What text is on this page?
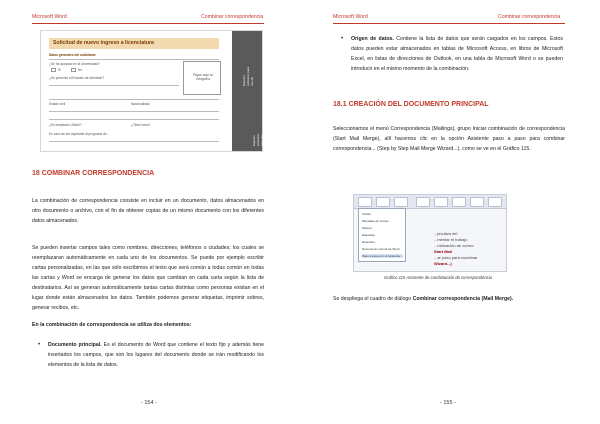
Microsoft Word	Combinar correspondencia
Solicitud de nuevo ingreso a licenciatura
Datos generales del solicitante
¿Se ha apoyado en la Universidad?
Sí	No
¿Se presentó al Examen de Admisión?
Pegue aquí su fotografía
Estado civil	Nacionalidad
¿Es empleado UNAM?	¿Tiene beca?
En caso de ser aspirante al programa de...
Espacio exclusivo para uso de
Espacio exclusivo para uso de
18 COMBINAR CORRESPONDENCIA
La combinación de correspondencia consiste en incluir en un documento, datos almacenados en otro documento o archivo, con el fin de obtener copias de un mismo documento con los diferentes datos almacenados.
Se pueden insertar campos tales como nombres, direcciones, teléfonos o ciudades; los cuales se reemplazaran automáticamente en cada uno de los documentos. Se puede por ejemplo escribir cartas personalizadas, en las que sólo escribimos el texto que será común a todas común en todas las cartas y Word se encarga de generar los datos que cambian en cada carta según la lista de destinatarios. Así se generan automáticamente tantas cartas distintas como personas existan en el lugar donde están almacenados los datos. También podemos generar etiquetas, imprimir sobres, generar recibos, etc.
En la combinación de correspondencia se utiliza dos elementos:
• Documento principal. Es el documento de Word que contiene el texto fijo y además tiene insertados los campos, que son los lugares del documento donde se irán modificando los elementos de la lista de datos.
- 154 -
Microsoft Word	Combinar correspondencia
• Origen de datos. Contiene la lista de datos que serán cargados en los campos. Estos datos pueden estar almacenados en tablas de Microsoft Access, en libros de Microsoft Excel, en listas de direcciones de Outlook, en una tabla de Microsoft Word o se pueden introducir en el mismo momento de la combinación.
18.1 CREACIÓN DEL DOCUMENTO PRINCIPAL
Seleccionamos el menú Correspondencia (Mailings), grupo Iniciar combinación de correspondencia (Start Mail Merge), allí hacemos clic en la opción Asistente paso a paso para combinar correspondencia... (Step by Step Mail Merge Wizard...), como se ve en el Gráfico 115.
Gráfico 115 Asistente de combinación de correspondencia
Se despliega el cuadro de diálogo Combinar correspondencia (Mail Merge).
- 155 -
Cartas
Mensajes de correo...
Sobres...
Etiquetas...
Directorio
Documento normal de Word
Paso a paso por el Asistente...
...jecutiva del
...mentar el trabajo
...mbinación de correo
Start Mail
...ar paso para combinar
Wizard...)
